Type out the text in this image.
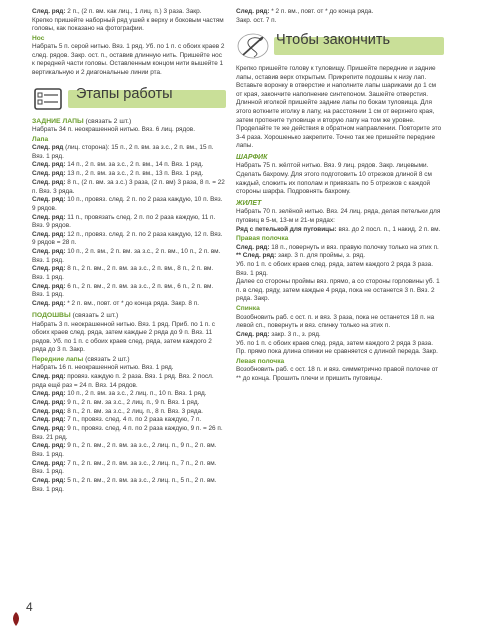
След. ряд: 2 п., (2 п. вм. как лиц., 1 лиц. п.) 3 раза. Закр.
Крепко пришейте наборный ряд ушей к верху и боковым частям головы, как показано на фотографии.
Нос
Набрать 5 п. серой нитью. Вяз. 1 ряд. Уб. по 1 п. с обоих краев 2 след. рядов. Закр. ост. п., оставив длинную нить. Пришейте нос к передней части головы. Оставленным концом нити вышейте 1 вертикальную и 2 диагональные линии рта.
Этапы работы
ЗАДНИЕ ЛАПЫ (связать 2 шт.)
Набрать 34 п. неокрашенной нитью. Вяз. 6 лиц. рядов.
Лапа
След. ряд (лиц. сторона): 15 п., 2 п. вм. за з.с., 2 п. вм., 15 п. Вяз. 1 ряд.
След. ряд: 14 п., 2 п. вм. за з.с., 2 п. вм., 14 п. Вяз. 1 ряд.
След. ряд: 13 п., 2 п. вм. за з.с., 2 п. вм., 13 п. Вяз. 1 ряд.
След. ряд: 8 п., (2 п. вм. за з.с.) 3 раза, (2 п. вм) 3 раза, 8 п. = 22 п. Вяз. 3 ряда.
След. ряд: 10 п., провяз. след. 2 п. по 2 раза каждую, 10 п. Вяз. 9 рядов.
След. ряд: 11 п., провязать след. 2 п. по 2 раза каждую, 11 п. Вяз. 9 рядов.
След. ряд: 12 п., провяз. след. 2 п. по 2 раза каждую, 12 п. Вяз. 9 рядов = 28 п.
След. ряд: 10 п., 2 п. вм., 2 п. вм. за з.с., 2 п. вм., 10 п., 2 п. вм. Вяз. 1 ряд.
След. ряд: 8 п., 2 п. вм., 2 п. вм. за з.с., 2 п. вм., 8 п., 2 п. вм. Вяз. 1 ряд.
След. ряд: 6 п., 2 п. вм., 2 п. вм. за з.с., 2 п. вм., 6 п., 2 п. вм. Вяз. 1 ряд.
След. ряд: * 2 п. вм., повт. от * до конца ряда. Закр. 8 п.
ПОДОШВЫ (связать 2 шт.)
Набрать 3 п. неокрашенной нитью. Вяз. 1 ряд. Приб. по 1 п. с обоих краев след. ряда, затем каждые 2 ряда до 9 п. Вяз. 11 рядов. Уб. по 1 п. с обоих краев след. ряда, затем каждого 2 ряда до 3 п. Закр.
Передние лапы (связать 2 шт.)
Набрать 16 п. неокрашенной нитью. Вяз. 1 ряд.
След. ряд: провяз. каждую п. 2 раза. Вяз. 1 ряд. Вяз. 2 посл. ряда ещё раз = 24 п. Вяз. 14 рядов.
След. ряд: 10 п., 2 п. вм. за з.с., 2 лиц. п., 10 п. Вяз. 1 ряд.
След. ряд: 9 п., 2 п. вм. за з.с., 2 лиц. п., 9 п. Вяз. 1 ряд.
След. ряд: 8 п., 2 п. вм. за з.с., 2 лиц. п., 8 п. Вяз. 3 ряда.
След. ряд: 7 п., провяз. след. 4 п. по 2 раза каждую, 7 п.
След. ряд: 9 п., провяз. след. 4 п. по 2 раза каждую, 9 п. = 26 п. Вяз. 21 ряд.
След. ряд: 9 п., 2 п. вм., 2 п. вм. за з.с., 2 лиц. п., 9 п., 2 п. вм. Вяз. 1 ряд.
След. ряд: 7 п., 2 п. вм., 2 п. вм. за з.с., 2 лиц. п., 7 п., 2 п. вм. Вяз. 1 ряд.
След. ряд: 5 п., 2 п. вм., 2 п. вм. за з.с., 2 лиц. п., 5 п., 2 п. вм. Вяз. 1 ряд.
След. ряд: * 2 п. вм., повт. от * до конца ряда.
Закр. ост. 7 п.
Чтобы закончить
Крепко пришейте голову к туловищу. Пришейте передние и задние лапы, оставив верх открытым. Прикрепите подошвы к низу лап. Вставьте воронку в отверстие и наполните лапы шариками до 1 см от края, закончите наполнение синтепоном. Зашейте отверстия. Длинной иголкой пришейте задние лапы по бокам туловища. Для этого воткните иголку в лапу, на расстоянии 1 см от верхнего края, затем проткните туловище и вторую лапу на том же уровне. Проделайте те же действия в обратном направлении. Повторите это 3-4 раза. Хорошенько закрепите. Точно так же пришейте передние лапы.
ШАРФИК
Набрать 75 п. жёлтой нитью. Вяз. 9 лиц. рядов. Закр. лицевыми.
Сделать бахрому. Для этого подготовить 10 отрезков длиной 8 см каждый, сложить их пополам и привязать по 5 отрезков с каждой стороны шарфа. Подровнять бахрому.
ЖИЛЕТ
Набрать 70 п. зелёной нитью. Вяз. 24 лиц. ряда, делая петельки для пуговиц в 5-м, 13-м и 21-м рядах:
Ряд с петелькой для пуговицы: вяз. до 2 посл. п., 1 накид, 2 п. вм.
Правая полочка
След. ряд: 18 п., повернуть и вяз. правую полочку только на этих п.
** След. ряд: закр. 3 п. для проймы, з. ряд.
Уб. по 1 п. с обоих краев след. ряда, затем каждого 2 ряда 3 раза. Вяз. 1 ряд.
Далее со стороны проймы вяз. прямо, а со стороны горловины уб. 1 п. в след. ряду, затем каждые 4 ряда, пока не останется 3 п. Вяз. 2 ряда. Закр.
Спинка
Возобновить раб. с ост. п. и вяз. 3 раза, пока не останется 18 п. на левой сп., повернуть и вяз. спинку только на этих п.
След. ряд: закр. 3 п., з. ряд.
Уб. по 1 п. с обоих краев след. ряда, затем каждого 2 ряда 3 раза. Пр. прямо пока длина спинки не сравняется с длиной переда. Закр.
Левая полочка
Возобновить раб. с ост. 18 п. и вяз. симметрично правой полочке от ** до конца. Прошить плечи и пришить пуговицы.
4
